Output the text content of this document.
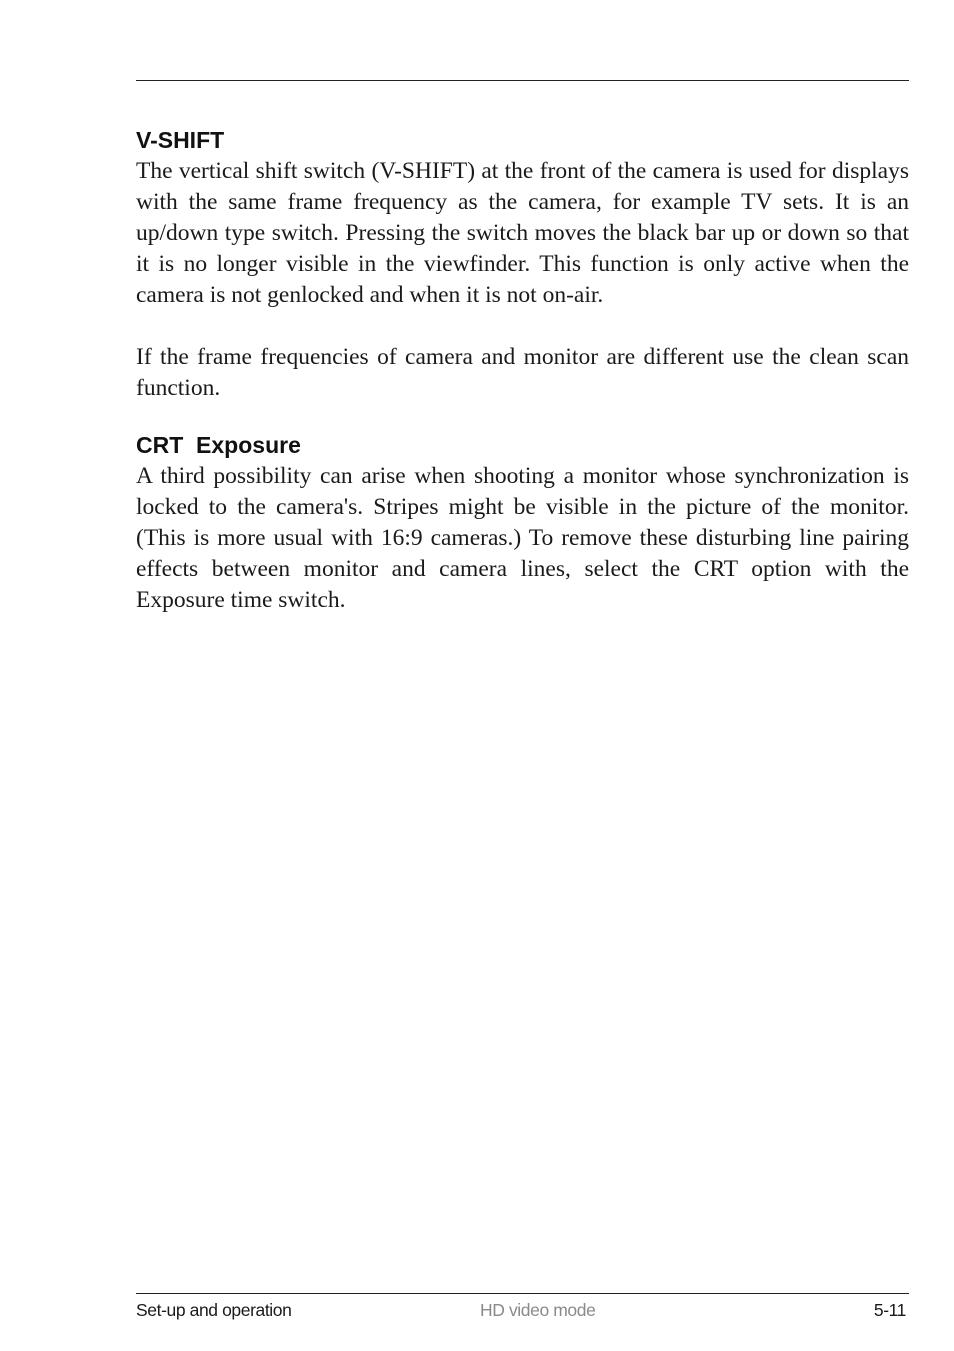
V-SHIFT

The vertical shift switch (V-SHIFT) at the front of the camera is used for displays with the same frame frequency as the camera, for example TV sets. It is an up/down type switch. Pressing the switch moves the black bar up or down so that it is no longer visible in the viewfinder. This function is only active when the camera is not genlocked and when it is not on-air.

If the frame frequencies of camera and monitor are different use the clean scan function.

CRT  Exposure

A third possibility can arise when shooting a monitor whose synchronization is locked to the camera's. Stripes might be visible in the picture of the monitor. (This is more usual with 16:9 cameras.) To remove these disturbing line pairing effects between monitor and camera lines, select the CRT option with the Exposure time switch.

Set-up and operation	HD video mode	5-11
